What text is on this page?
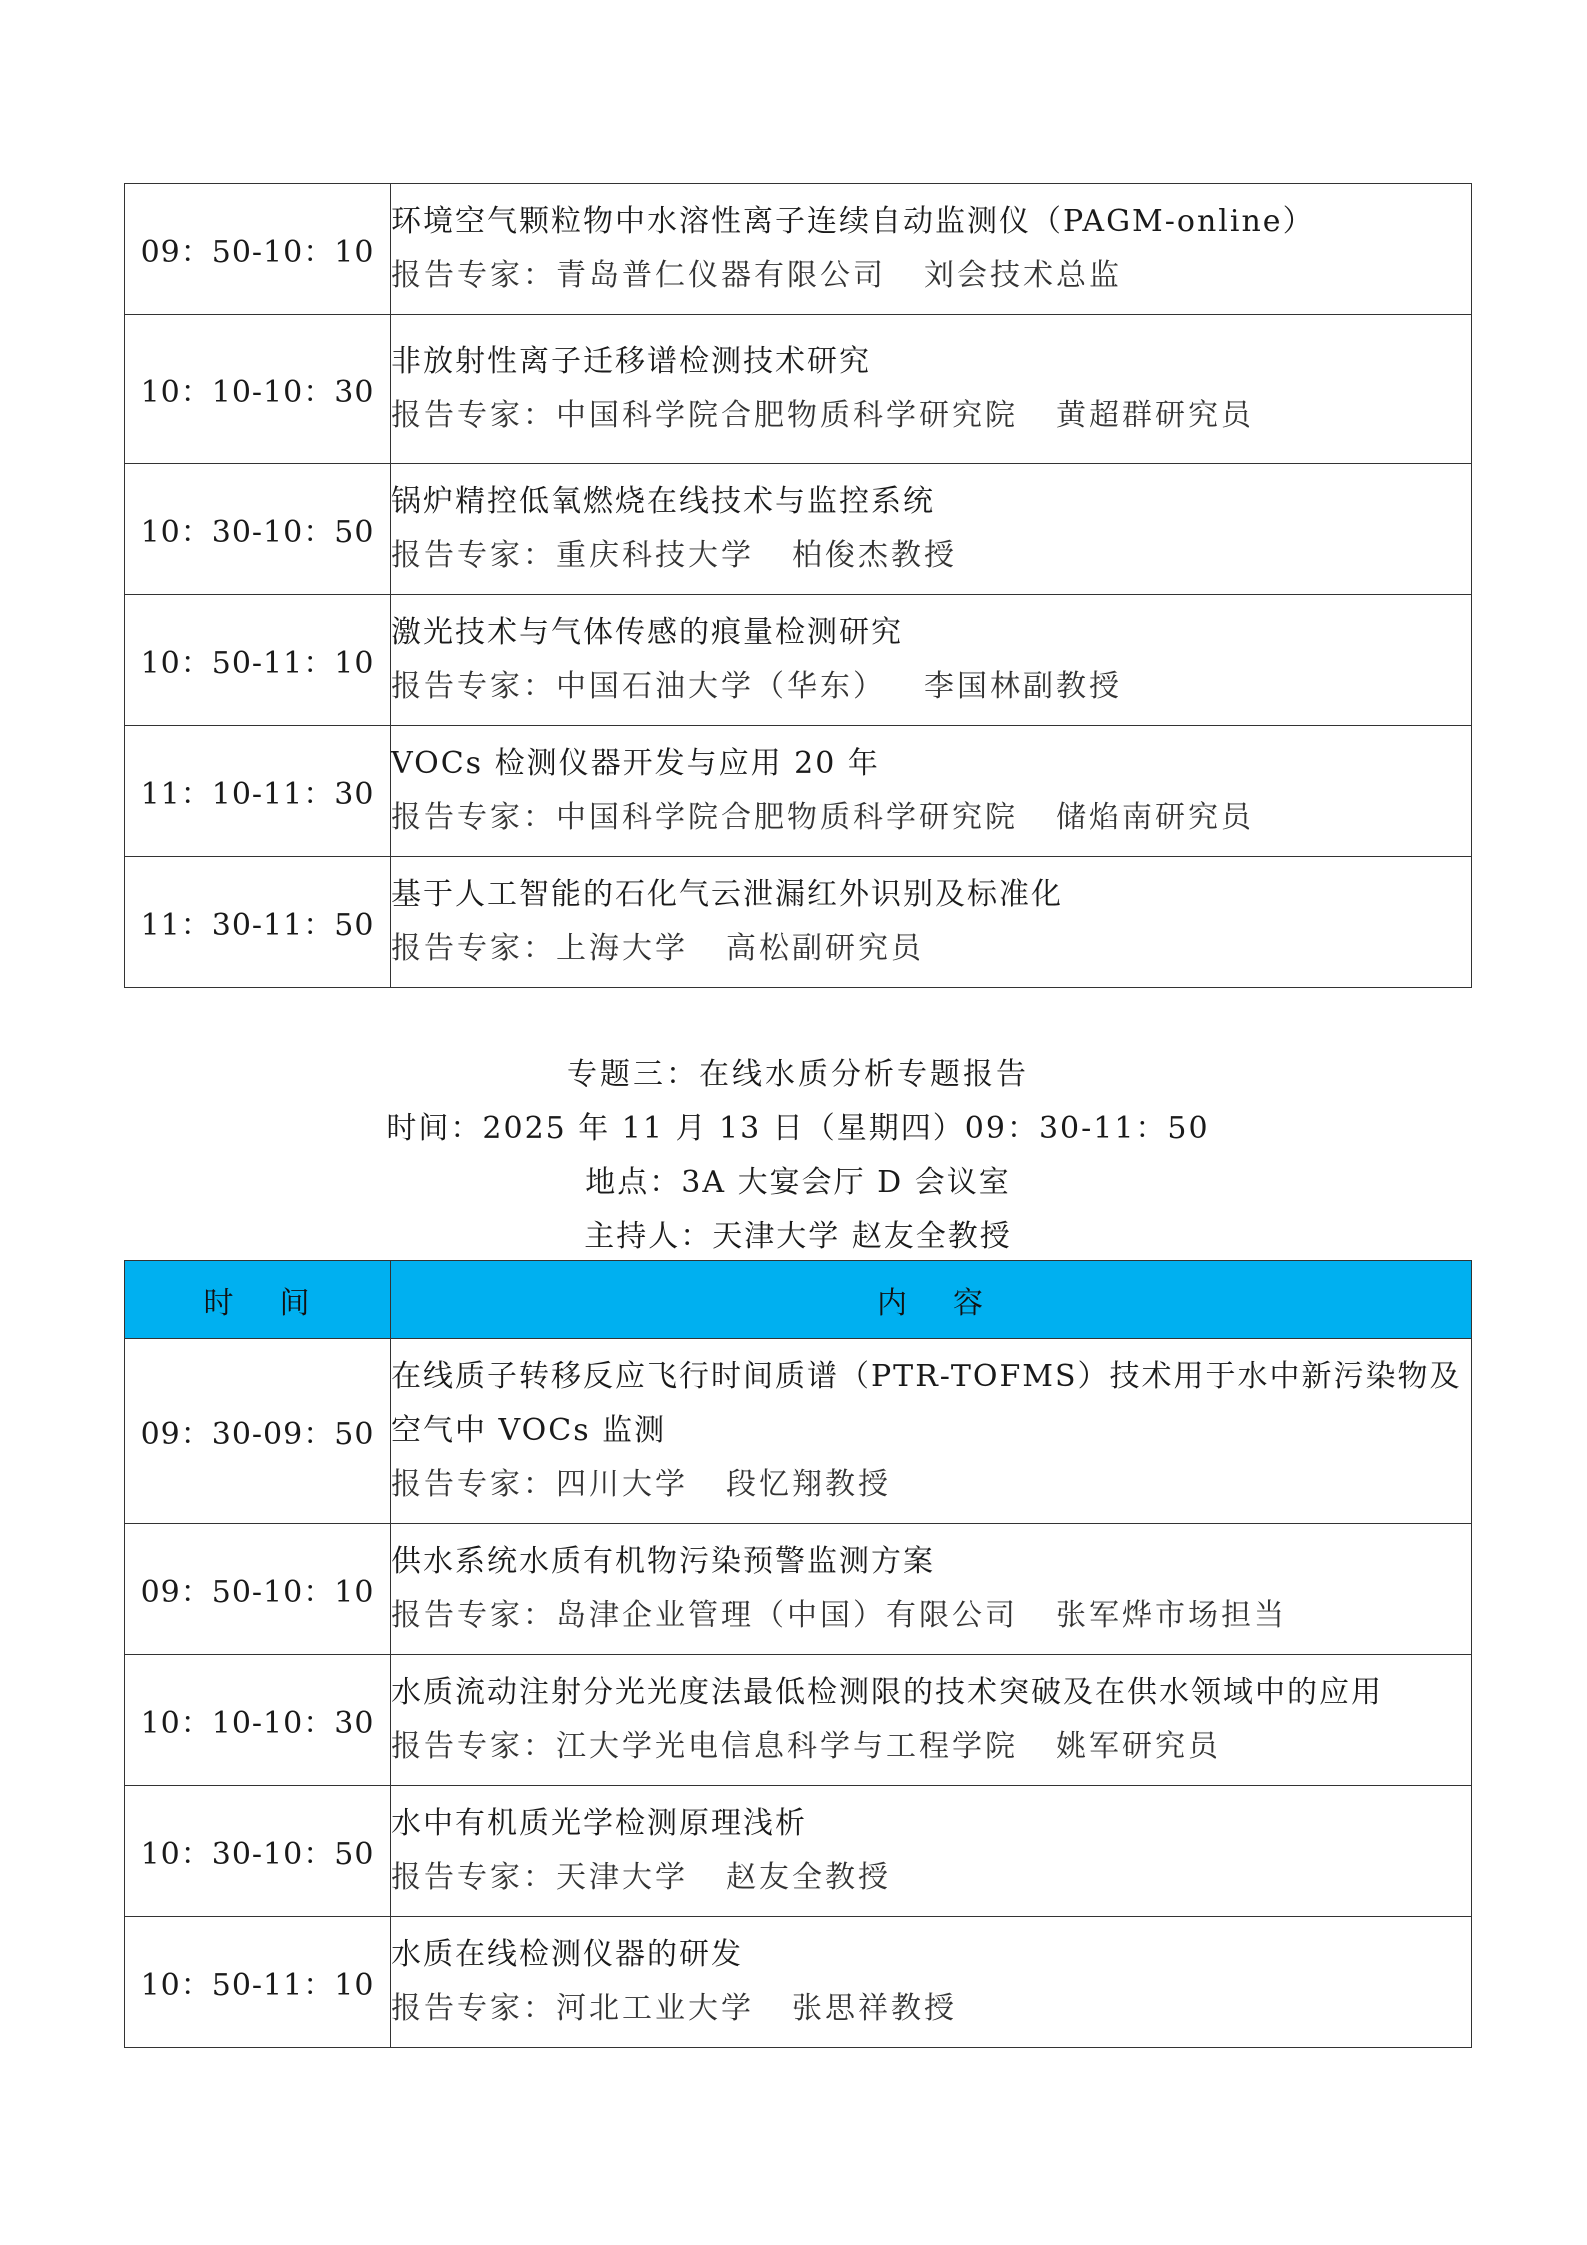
09：50-10：10	环境空气颗粒物中水溶性离子连续自动监测仪（PAGM-online）
报告专家：青岛普仁仪器有限公司 刘会技术总监

10：10-10：30	非放射性离子迁移谱检测技术研究
报告专家：中国科学院合肥物质科学研究院 黄超群研究员

10：30-10：50	锅炉精控低氧燃烧在线技术与监控系统
报告专家：重庆科技大学 柏俊杰教授

10：50-11：10	激光技术与气体传感的痕量检测研究
报告专家：中国石油大学（华东） 李国林副教授

11：10-11：30	VOCs 检测仪器开发与应用 20 年
报告专家：中国科学院合肥物质科学研究院 储焰南研究员

11：30-11：50	基于人工智能的石化气云泄漏红外识别及标准化
报告专家：上海大学 高松副研究员
专题三：在线水质分析专题报告
时间：2025 年 11 月 13 日（星期四）09：30-11：50
地点：3A 大宴会厅 D 会议室
主持人：天津大学 赵友全教授
时 间	内 容
09：30-09：50	在线质子转移反应飞行时间质谱（PTR-TOFMS）技术用于水中新污染物及空气中 VOCs 监测
报告专家：四川大学 段忆翔教授

09：50-10：10	供水系统水质有机物污染预警监测方案
报告专家：岛津企业管理（中国）有限公司 张军烨市场担当

10：10-10：30	水质流动注射分光光度法最低检测限的技术突破及在供水领域中的应用
报告专家：江大学光电信息科学与工程学院 姚军研究员

10：30-10：50	水中有机质光学检测原理浅析
报告专家：天津大学 赵友全教授

10：50-11：10	水质在线检测仪器的研发
报告专家：河北工业大学 张思祥教授
